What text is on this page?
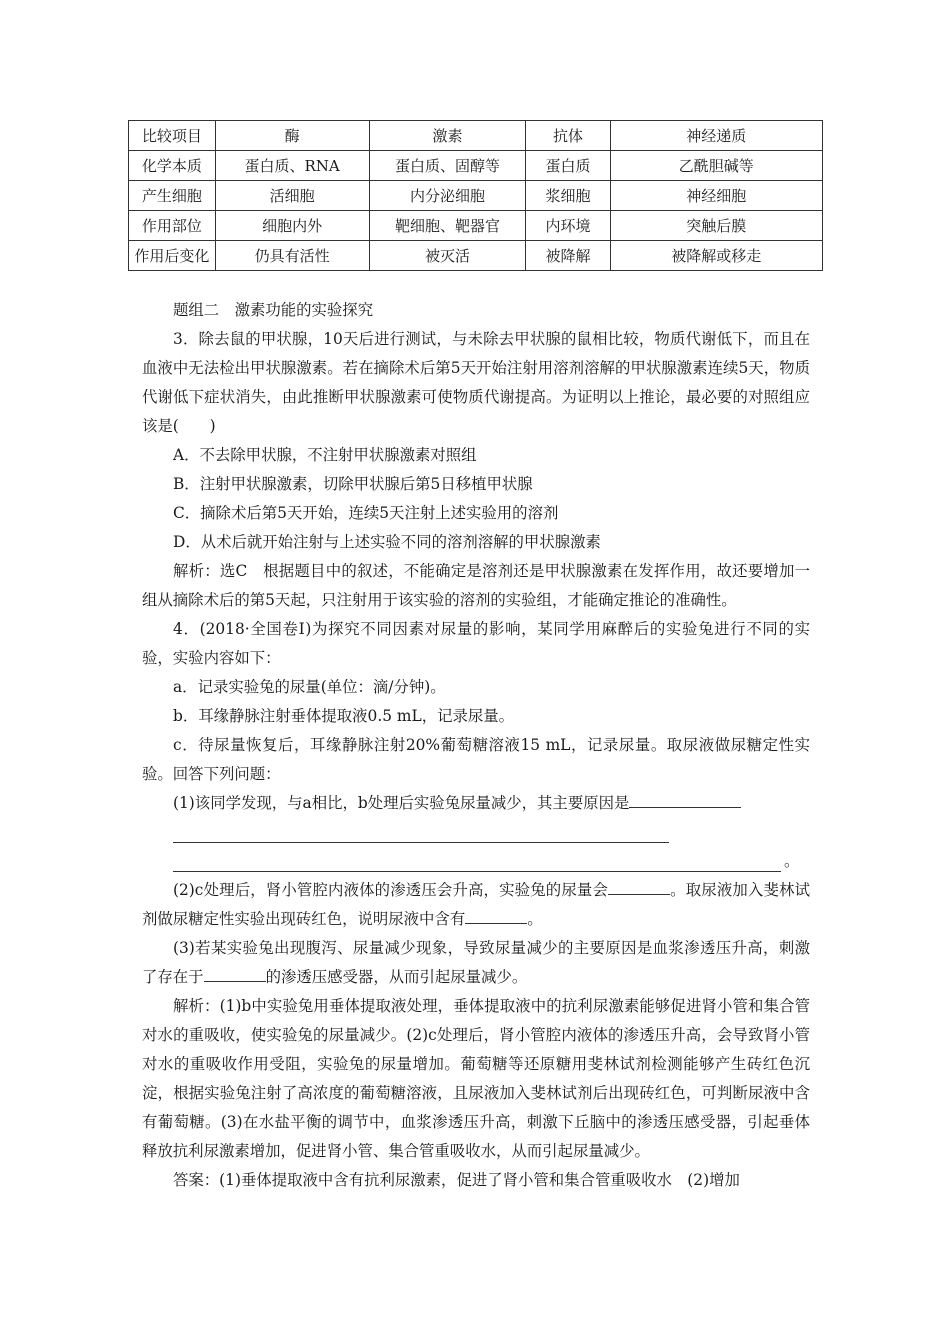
比较项目	酶	激素	抗体	神经递质
化学本质	蛋白质、RNA	蛋白质、固醇等	蛋白质	乙酰胆碱等
产生细胞	活细胞	内分泌细胞	浆细胞	神经细胞
作用部位	细胞内外	靶细胞、靶器官	内环境	突触后膜
作用后变化	仍具有活性	被灭活	被降解	被降解或移走

题组二　激素功能的实验探究

3．除去鼠的甲状腺，10天后进行测试，与未除去甲状腺的鼠相比较，物质代谢低下，而且在血液中无法检出甲状腺激素。若在摘除术后第5天开始注射用溶剂溶解的甲状腺激素连续5天，物质代谢低下症状消失，由此推断甲状腺激素可使物质代谢提高。为证明以上推论，最必要的对照组应该是(　　)

A．不去除甲状腺，不注射甲状腺激素对照组

B．注射甲状腺激素，切除甲状腺后第5日移植甲状腺

C．摘除术后第5天开始，连续5天注射上述实验用的溶剂

D．从术后就开始注射与上述实验不同的溶剂溶解的甲状腺激素

解析：选C　根据题目中的叙述，不能确定是溶剂还是甲状腺激素在发挥作用，故还要增加一组从摘除术后的第5天起，只注射用于该实验的溶剂的实验组，才能确定推论的准确性。

4．(2018·全国卷Ⅰ)为探究不同因素对尿量的影响，某同学用麻醉后的实验兔进行不同的实验，实验内容如下：

a．记录实验兔的尿量(单位：滴/分钟)。

b．耳缘静脉注射垂体提取液0.5 mL，记录尿量。

c．待尿量恢复后，耳缘静脉注射20%葡萄糖溶液15 mL，记录尿量。取尿液做尿糖定性实验。回答下列问题：

(1)该同学发现，与a相比，b处理后实验兔尿量减少，其主要原因是

。

(2)c处理后，肾小管腔内液体的渗透压会升高，实验兔的尿量会	。取尿液加入斐林试剂做尿糖定性实验出现砖红色，说明尿液中含有	。

(3)若某实验兔出现腹泻、尿量减少现象，导致尿量减少的主要原因是血浆渗透压升高，刺激了存在于	的渗透压感受器，从而引起尿量减少。

解析：(1)b中实验兔用垂体提取液处理，垂体提取液中的抗利尿激素能够促进肾小管和集合管对水的重吸收，使实验兔的尿量减少。(2)c处理后，肾小管腔内液体的渗透压升高，会导致肾小管对水的重吸收作用受阻，实验兔的尿量增加。葡萄糖等还原糖用斐林试剂检测能够产生砖红色沉淀，根据实验兔注射了高浓度的葡萄糖溶液，且尿液加入斐林试剂后出现砖红色，可判断尿液中含有葡萄糖。(3)在水盐平衡的调节中，血浆渗透压升高，刺激下丘脑中的渗透压感受器，引起垂体释放抗利尿激素增加，促进肾小管、集合管重吸收水，从而引起尿量减少。

答案：(1)垂体提取液中含有抗利尿激素，促进了肾小管和集合管重吸收水　(2)增加
